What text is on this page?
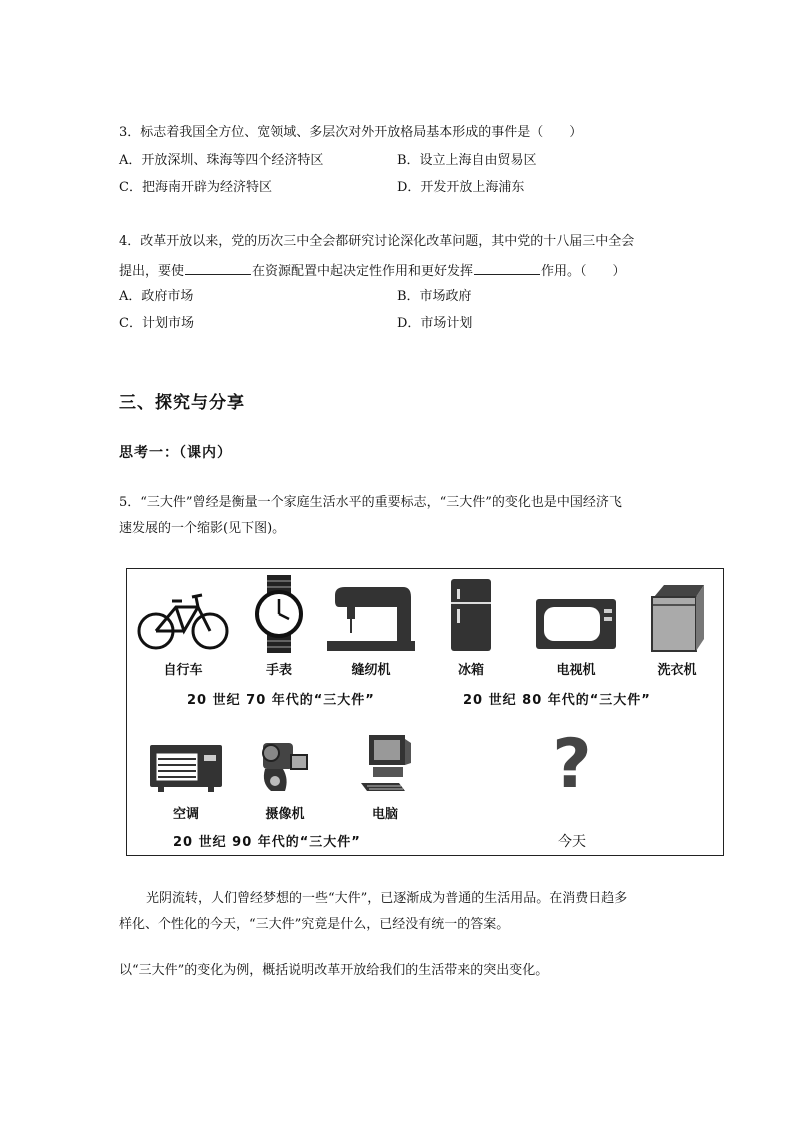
3．标志着我国全方位、宽领域、多层次对外开放格局基本形成的事件是（　　）
A．开放深圳、珠海等四个经济特区	B．设立上海自由贸易区
C．把海南开辟为经济特区	D．开发开放上海浦东
4．改革开放以来，党的历次三中全会都研究讨论深化改革问题，其中党的十八届三中全会
提出，要使	在资源配置中起决定性作用和更好发挥	作用。（　　）
A．政府市场	B．市场政府
C．计划市场	D．市场计划
三、探究与分享
思考一：（课内）
5．“三大件”曾经是衡量一个家庭生活水平的重要标志，“三大件”的变化也是中国经济飞
速发展的一个缩影(见下图)。
自行车	手表	缝纫机	冰箱	电视机	洗衣机
20 世纪 70 年代的“三大件”	20 世纪 80 年代的“三大件”
空调	摄像机	电脑
20 世纪 90 年代的“三大件”
?
今天
光阴流转，人们曾经梦想的一些“大件”，已逐渐成为普通的生活用品。在消费日趋多
样化、个性化的今天，“三大件”究竟是什么，已经没有统一的答案。
以“三大件”的变化为例，概括说明改革开放给我们的生活带来的突出变化。
